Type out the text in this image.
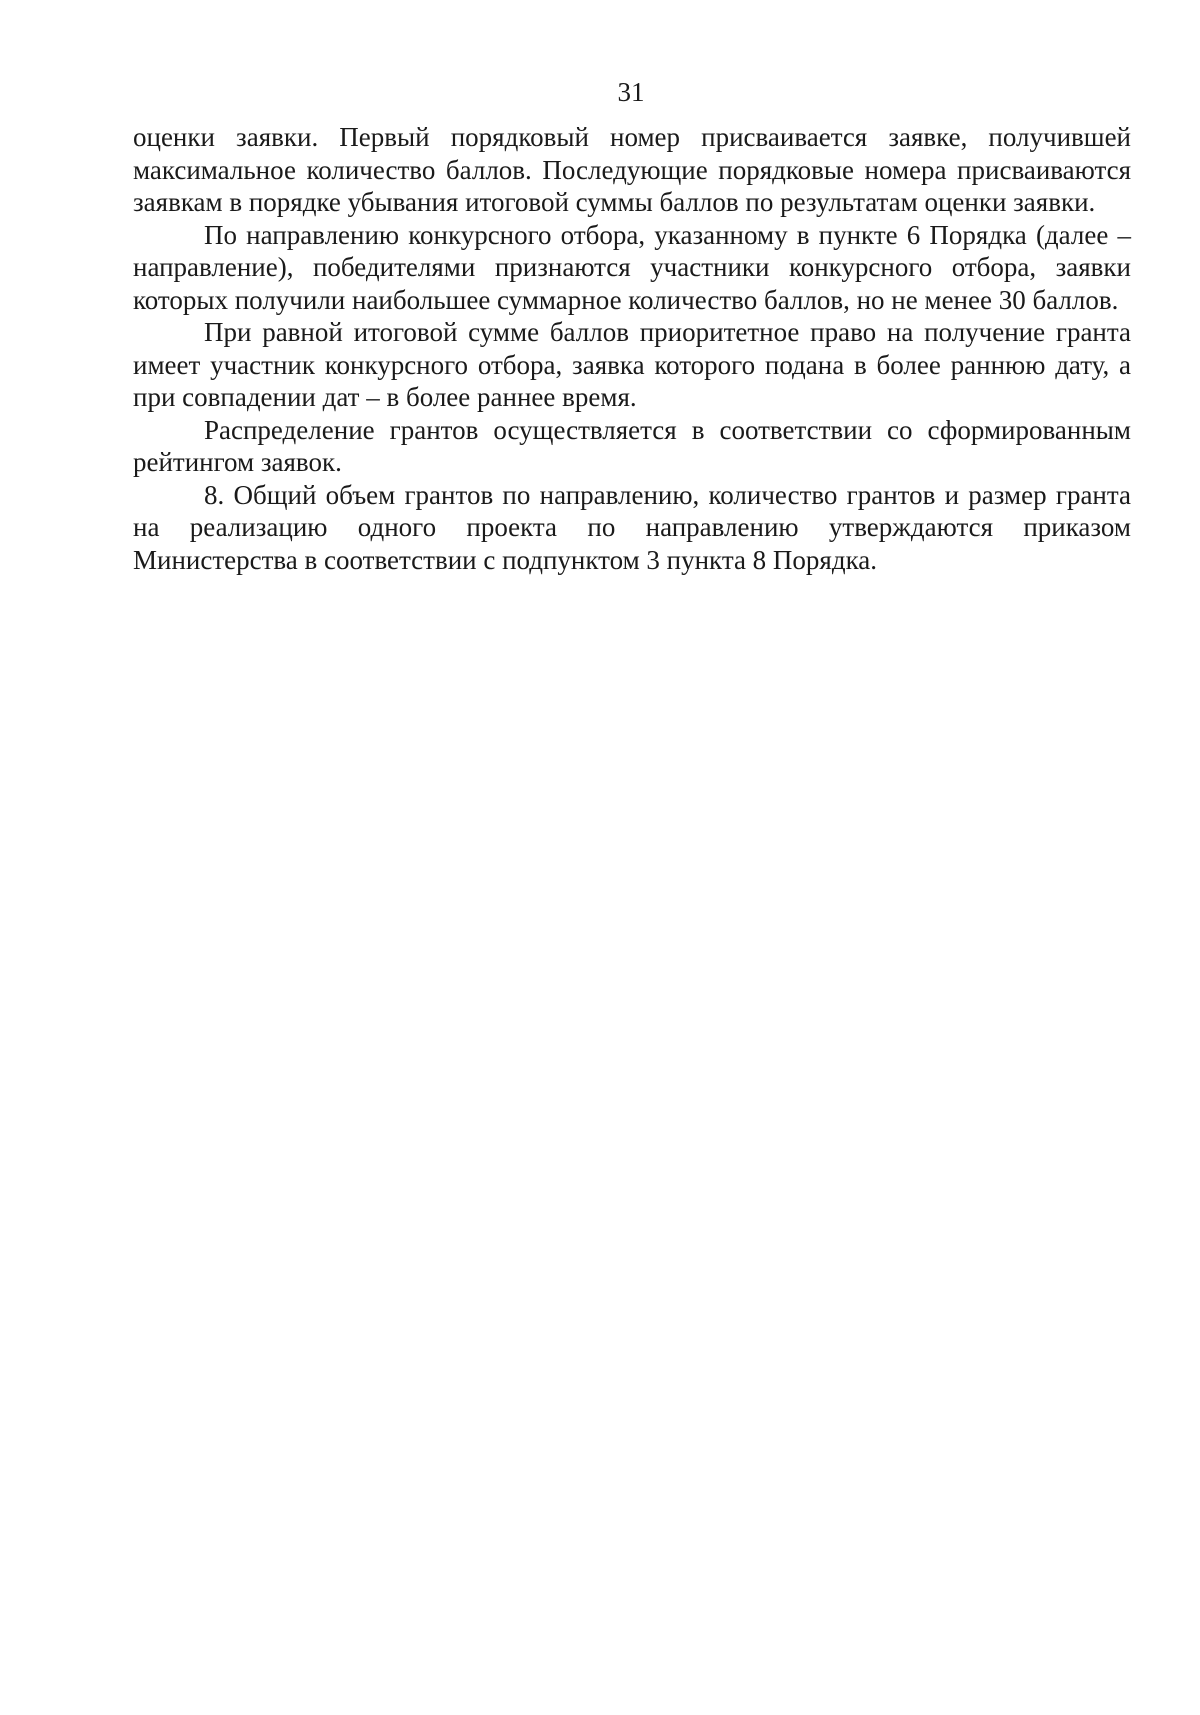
31

оценки заявки. Первый порядковый номер присваивается заявке, получившей максимальное количество баллов. Последующие порядковые номера присваиваются заявкам в порядке убывания итоговой суммы баллов по результатам оценки заявки.

По направлению конкурсного отбора, указанному в пункте 6 Порядка (далее – направление), победителями признаются участники конкурсного отбора, заявки которых получили наибольшее суммарное количество баллов, но не менее 30 баллов.

При равной итоговой сумме баллов приоритетное право на получение гранта имеет участник конкурсного отбора, заявка которого подана в более раннюю дату, а при совпадении дат – в более раннее время.

Распределение грантов осуществляется в соответствии со сформированным рейтингом заявок.

8. Общий объем грантов по направлению, количество грантов и размер гранта на реализацию одного проекта по направлению утверждаются приказом Министерства в соответствии с подпунктом 3 пункта 8 Порядка.
